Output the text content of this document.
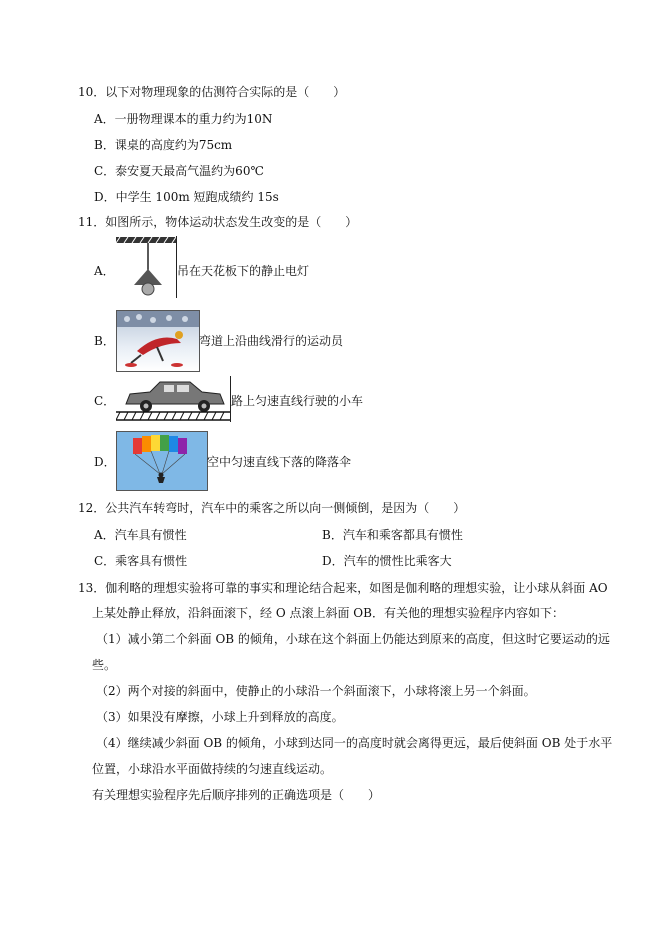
10．以下对物理现象的估测符合实际的是（　　）
A．一册物理课本的重力约为10N
B．课桌的高度约为75cm
C．泰安夏天最高气温约为60℃
D．中学生 100m 短跑成绩约 15s
11．如图所示，物体运动状态发生改变的是（　　）
A．	吊在天花板下的静止电灯
B．	弯道上沿曲线滑行的运动员
C．	路上匀速直线行驶的小车
D．	空中匀速直线下落的降落伞
12．公共汽车转弯时，汽车中的乘客之所以向一侧倾倒，是因为（　　）
A．汽车具有惯性	B．汽车和乘客都具有惯性
C．乘客具有惯性	D．汽车的惯性比乘客大
13．伽利略的理想实验将可靠的事实和理论结合起来，如图是伽利略的理想实验，让小球从斜面 AO
上某处静止释放，沿斜面滚下，经 O 点滚上斜面 OB．有关他的理想实验程序内容如下：
（1）减小第二个斜面 OB 的倾角，小球在这个斜面上仍能达到原来的高度，但这时它要运动的远
些。
（2）两个对接的斜面中，使静止的小球沿一个斜面滚下，小球将滚上另一个斜面。
（3）如果没有摩擦，小球上升到释放的高度。
（4）继续减少斜面 OB 的倾角，小球到达同一的高度时就会离得更远，最后使斜面 OB 处于水平
位置，小球沿水平面做持续的匀速直线运动。
有关理想实验程序先后顺序排列的正确选项是（　　）
